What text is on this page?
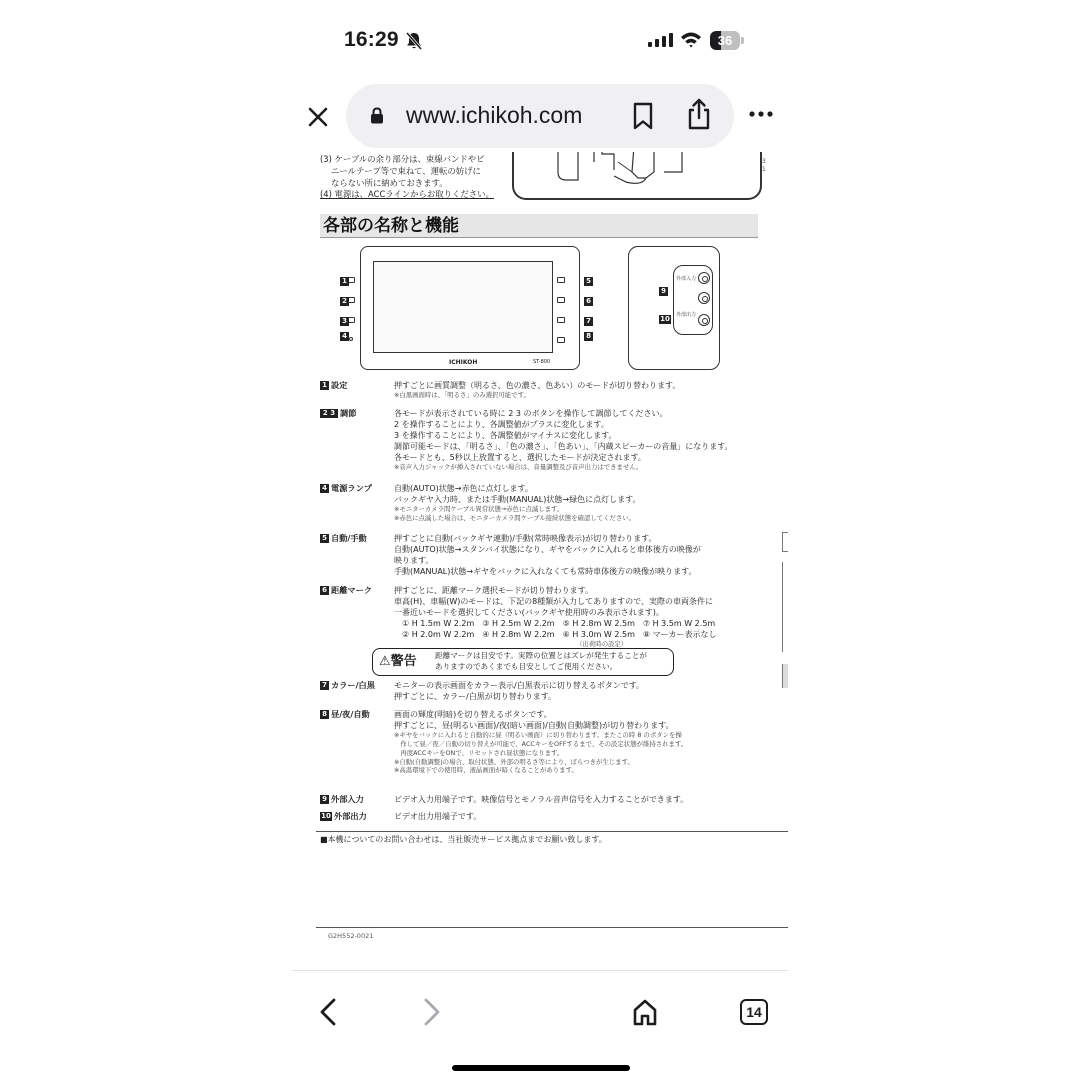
16:29	36
www.ichikoh.com
(3) ケーブルの余り部分は、束線バンドやビ
　 ニールテープ等で束ねて、運転の妨げに
　 ならない所に納めておきます。
(4) 電源は、ACCラインからお取りください。
3
1
各部の名称と機能
ICHIKOH	ST-800
1
2
3
4
5
6
7
8
外部入力
外部出力
9
10
1 設定	押すごとに画質調整（明るさ、色の濃さ、色あい）のモードが切り替わります。
※白黒画面時は、「明るさ」のみ選択可能です。
2 3 調節	各モードが表示されている時に 2 3 のボタンを操作して調節してください。
2 を操作することにより、各調整値がプラスに変化します。
3 を操作することにより、各調整値がマイナスに変化します。
調節可能モードは、「明るさ」、「色の濃さ」、「色あい」、「内蔵スピーカーの音量」になります。
各モードとも、5秒以上放置すると、選択したモードが決定されます。
※音声入力ジャックが挿入されていない場合は、音量調整及び音声出力はできません。
4 電源ランプ	自動(AUTO)状態→赤色に点灯します。
バックギヤ入力時、または手動(MANUAL)状態→緑色に点灯します。
※モニターカメラ間ケーブル異常状態→赤色に点滅します。
※赤色に点滅した場合は、モニターカメラ間ケーブル接続状態を確認してください。
5 自動/手動	押すごとに自動(バックギヤ連動)/手動(常時映像表示)が切り替わります。
自動(AUTO)状態→スタンバイ状態になり、ギヤをバックに入れると車体後方の映像が
映ります。
手動(MANUAL)状態→ギヤをバックに入れなくても常時車体後方の映像が映ります。
6 距離マーク	押すごとに、距離マーク選択モードが切り替わります。
車高(H)、車幅(W)のモードは、下記の8種類が入力してありますので、実際の車両条件に
一番近いモードを選択してください(バックギヤ使用時のみ表示されます)。
　① H 1.5m W 2.2m　③ H 2.5m W 2.2m　⑤ H 2.8m W 2.5m　⑦ H 3.5m W 2.5m
　② H 2.0m W 2.2m　④ H 2.8m W 2.2m　⑥ H 3.0m W 2.5m　⑧ マーカー表示なし
　　　　　　　　　　　　　　　　　　　　　　　　　　　　　（出荷時の設定）
⚠警告 距離マークは目安です。実際の位置とはズレが発生することが
ありますのであくまでも目安としてご使用ください。
7 カラー/白黒	モニターの表示画面をカラー表示/白黒表示に切り替えるボタンです。
押すごとに、カラー/白黒が切り替わります。
8 昼/夜/自動	画面の輝度(明暗)を切り替えるボタンです。
押すごとに、昼(明るい画面)/夜(暗い画面)/自動(自動調整)が切り替わります。
※ギヤをバックに入れると自動的に昼（明るい画面）に切り替わります。またこの時 8 のボタンを操
　作して昼／夜／自動の切り替えが可能で、ACCキーをOFFするまで、その設定状態が維持されます。
　再度ACCキーをONで、リセットされ昼状態になります。
※自動(自動調整)の場合、取付状態、外部の明るさ等により、ばらつきが生じます。
※高温環境下での使用時、液晶画面が暗くなることがあります。
9 外部入力	ビデオ入力用端子です。映像信号とモノラル音声信号を入力することができます。
10 外部出力	ビデオ出力用端子です。
■本機についてのお問い合わせは、当社販売サービス拠点までお願い致します。
G2H552-0021
14
